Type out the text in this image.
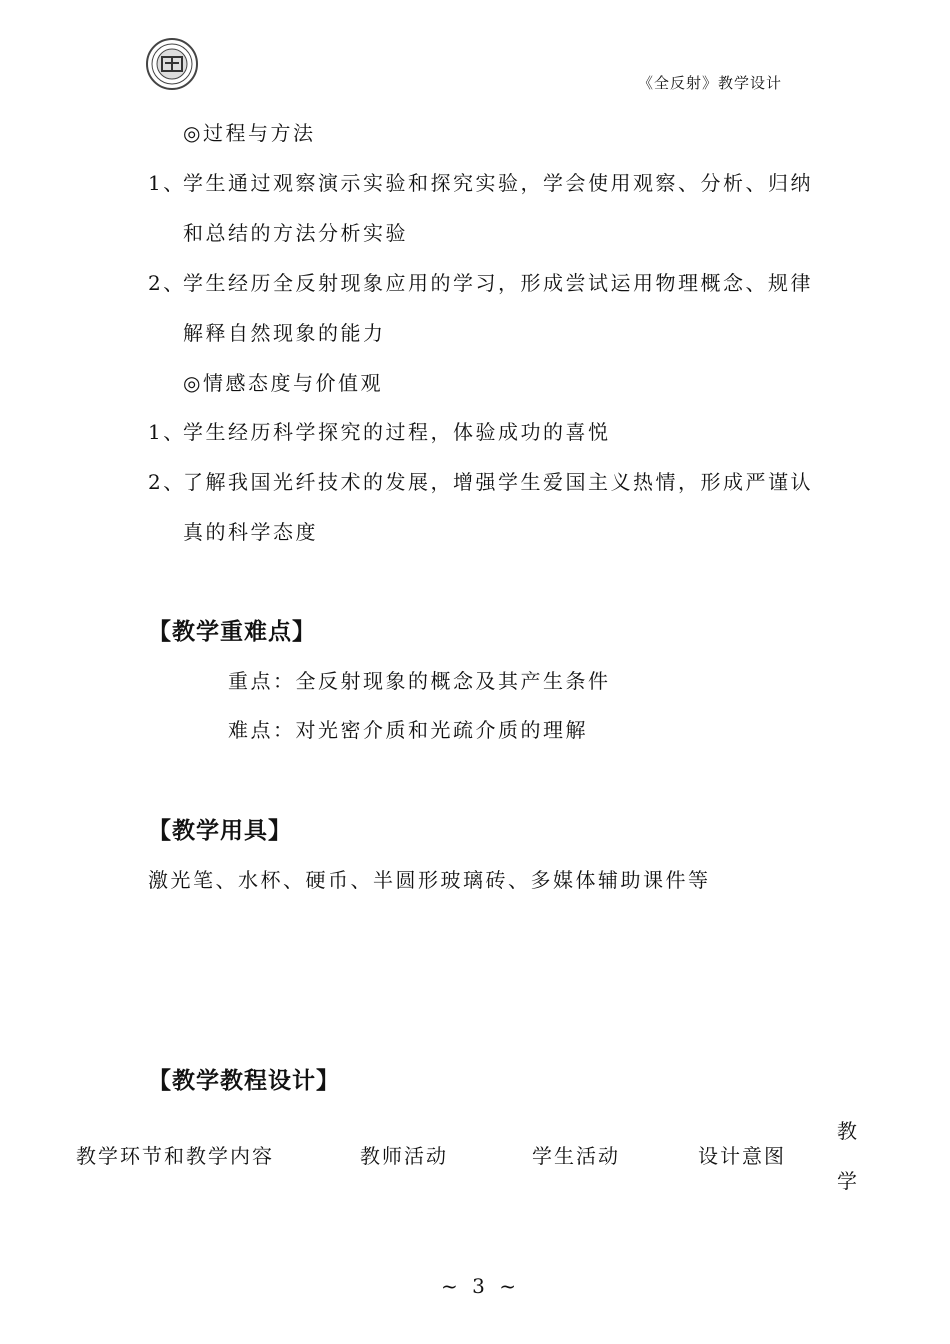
《全反射》教学设计
◎过程与方法
1、
学生通过观察演示实验和探究实验，学会使用观察、分析、归纳
和总结的方法分析实验
2、
学生经历全反射现象应用的学习，形成尝试运用物理概念、规律
解释自然现象的能力
◎情感态度与价值观
1、
学生经历科学探究的过程，体验成功的喜悦
2、
了解我国光纤技术的发展，增强学生爱国主义热情，形成严谨认
真的科学态度
【教学重难点】
重点：全反射现象的概念及其产生条件
难点：对光密介质和光疏介质的理解
【教学用具】
激光笔、水杯、硬币、半圆形玻璃砖、多媒体辅助课件等
【教学教程设计】
教学环节和教学内容	教师活动	学生活动	设计意图
教
学
~ 3 ~
